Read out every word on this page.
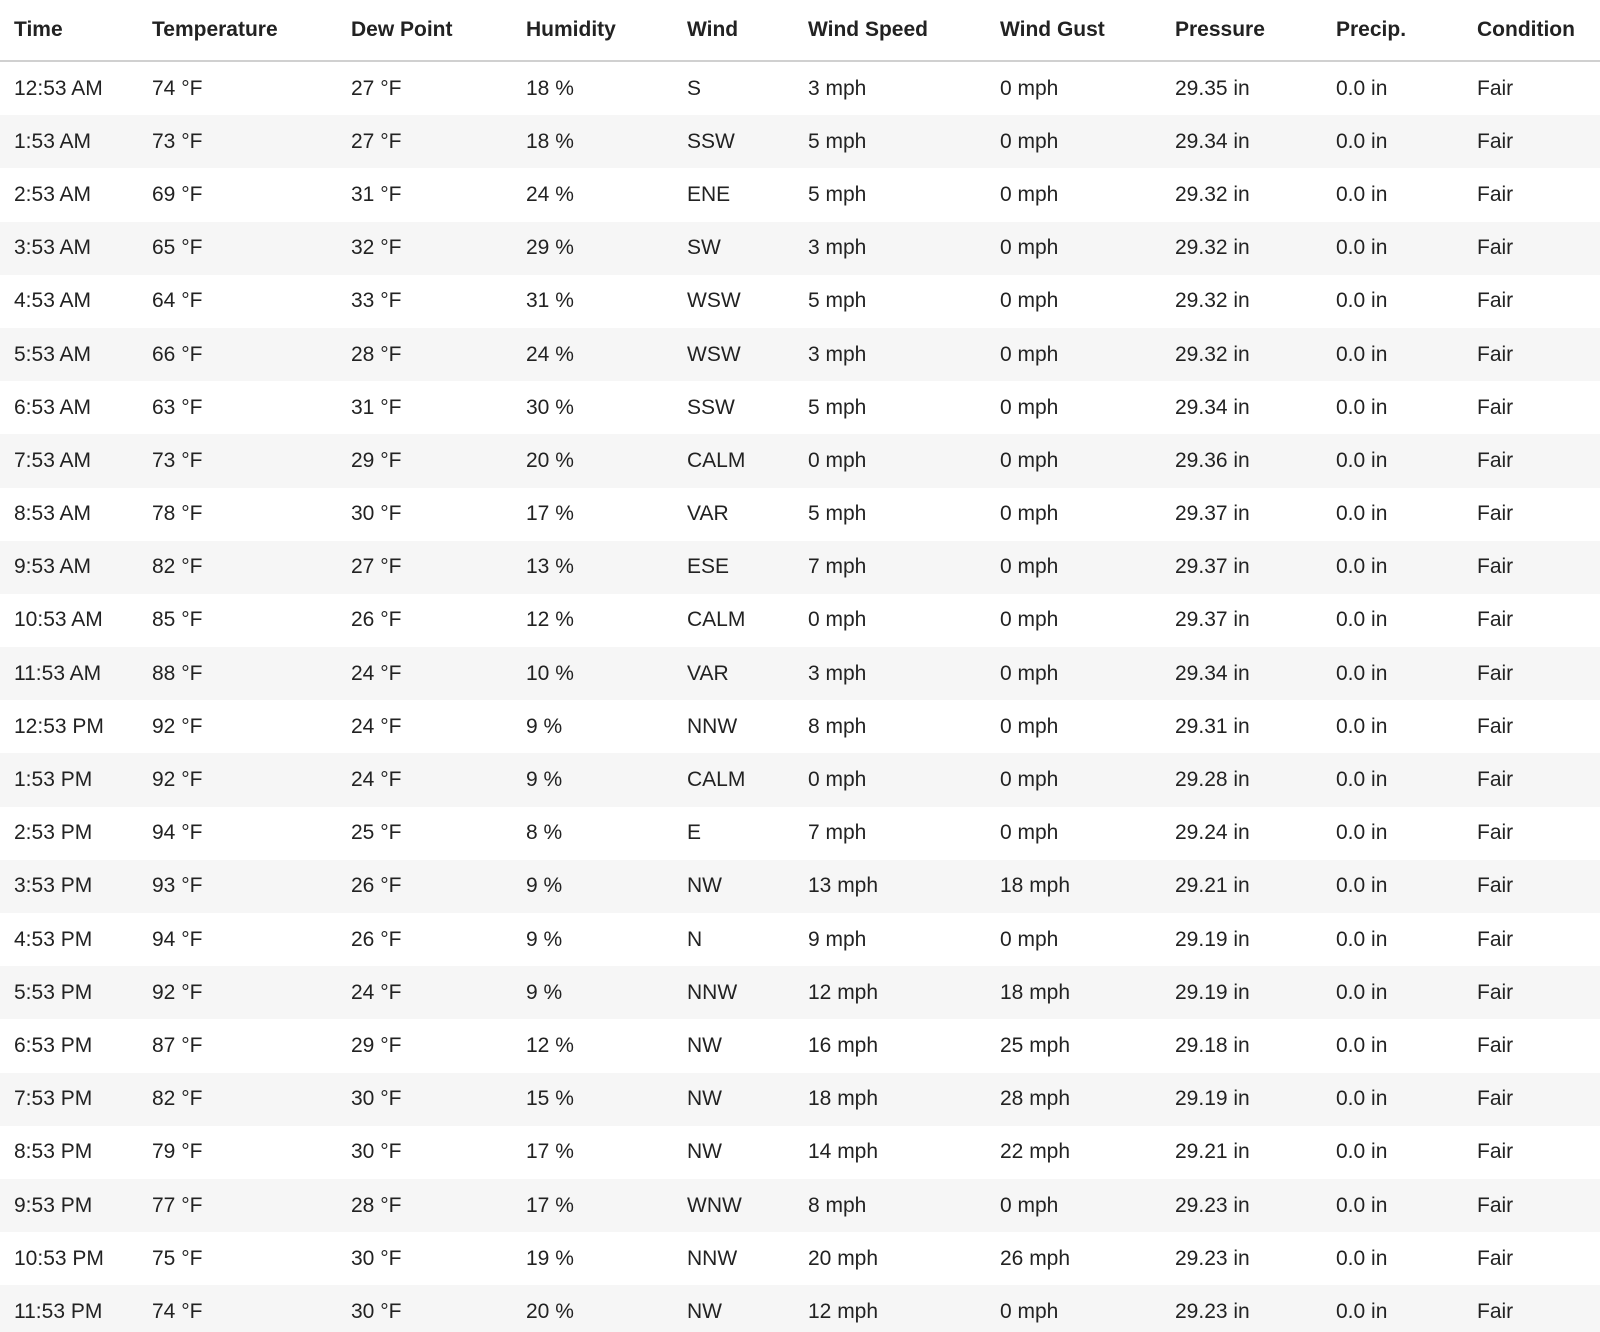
Time	Temperature	Dew Point	Humidity	Wind	Wind Speed	Wind Gust	Pressure	Precip.	Condition
12:53 AM	74 °F	27 °F	18 %	S	3 mph	0 mph	29.35 in	0.0 in	Fair
1:53 AM	73 °F	27 °F	18 %	SSW	5 mph	0 mph	29.34 in	0.0 in	Fair
2:53 AM	69 °F	31 °F	24 %	ENE	5 mph	0 mph	29.32 in	0.0 in	Fair
3:53 AM	65 °F	32 °F	29 %	SW	3 mph	0 mph	29.32 in	0.0 in	Fair
4:53 AM	64 °F	33 °F	31 %	WSW	5 mph	0 mph	29.32 in	0.0 in	Fair
5:53 AM	66 °F	28 °F	24 %	WSW	3 mph	0 mph	29.32 in	0.0 in	Fair
6:53 AM	63 °F	31 °F	30 %	SSW	5 mph	0 mph	29.34 in	0.0 in	Fair
7:53 AM	73 °F	29 °F	20 %	CALM	0 mph	0 mph	29.36 in	0.0 in	Fair
8:53 AM	78 °F	30 °F	17 %	VAR	5 mph	0 mph	29.37 in	0.0 in	Fair
9:53 AM	82 °F	27 °F	13 %	ESE	7 mph	0 mph	29.37 in	0.0 in	Fair
10:53 AM	85 °F	26 °F	12 %	CALM	0 mph	0 mph	29.37 in	0.0 in	Fair
11:53 AM	88 °F	24 °F	10 %	VAR	3 mph	0 mph	29.34 in	0.0 in	Fair
12:53 PM	92 °F	24 °F	9 %	NNW	8 mph	0 mph	29.31 in	0.0 in	Fair
1:53 PM	92 °F	24 °F	9 %	CALM	0 mph	0 mph	29.28 in	0.0 in	Fair
2:53 PM	94 °F	25 °F	8 %	E	7 mph	0 mph	29.24 in	0.0 in	Fair
3:53 PM	93 °F	26 °F	9 %	NW	13 mph	18 mph	29.21 in	0.0 in	Fair
4:53 PM	94 °F	26 °F	9 %	N	9 mph	0 mph	29.19 in	0.0 in	Fair
5:53 PM	92 °F	24 °F	9 %	NNW	12 mph	18 mph	29.19 in	0.0 in	Fair
6:53 PM	87 °F	29 °F	12 %	NW	16 mph	25 mph	29.18 in	0.0 in	Fair
7:53 PM	82 °F	30 °F	15 %	NW	18 mph	28 mph	29.19 in	0.0 in	Fair
8:53 PM	79 °F	30 °F	17 %	NW	14 mph	22 mph	29.21 in	0.0 in	Fair
9:53 PM	77 °F	28 °F	17 %	WNW	8 mph	0 mph	29.23 in	0.0 in	Fair
10:53 PM	75 °F	30 °F	19 %	NNW	20 mph	26 mph	29.23 in	0.0 in	Fair
11:53 PM	74 °F	30 °F	20 %	NW	12 mph	0 mph	29.23 in	0.0 in	Fair
